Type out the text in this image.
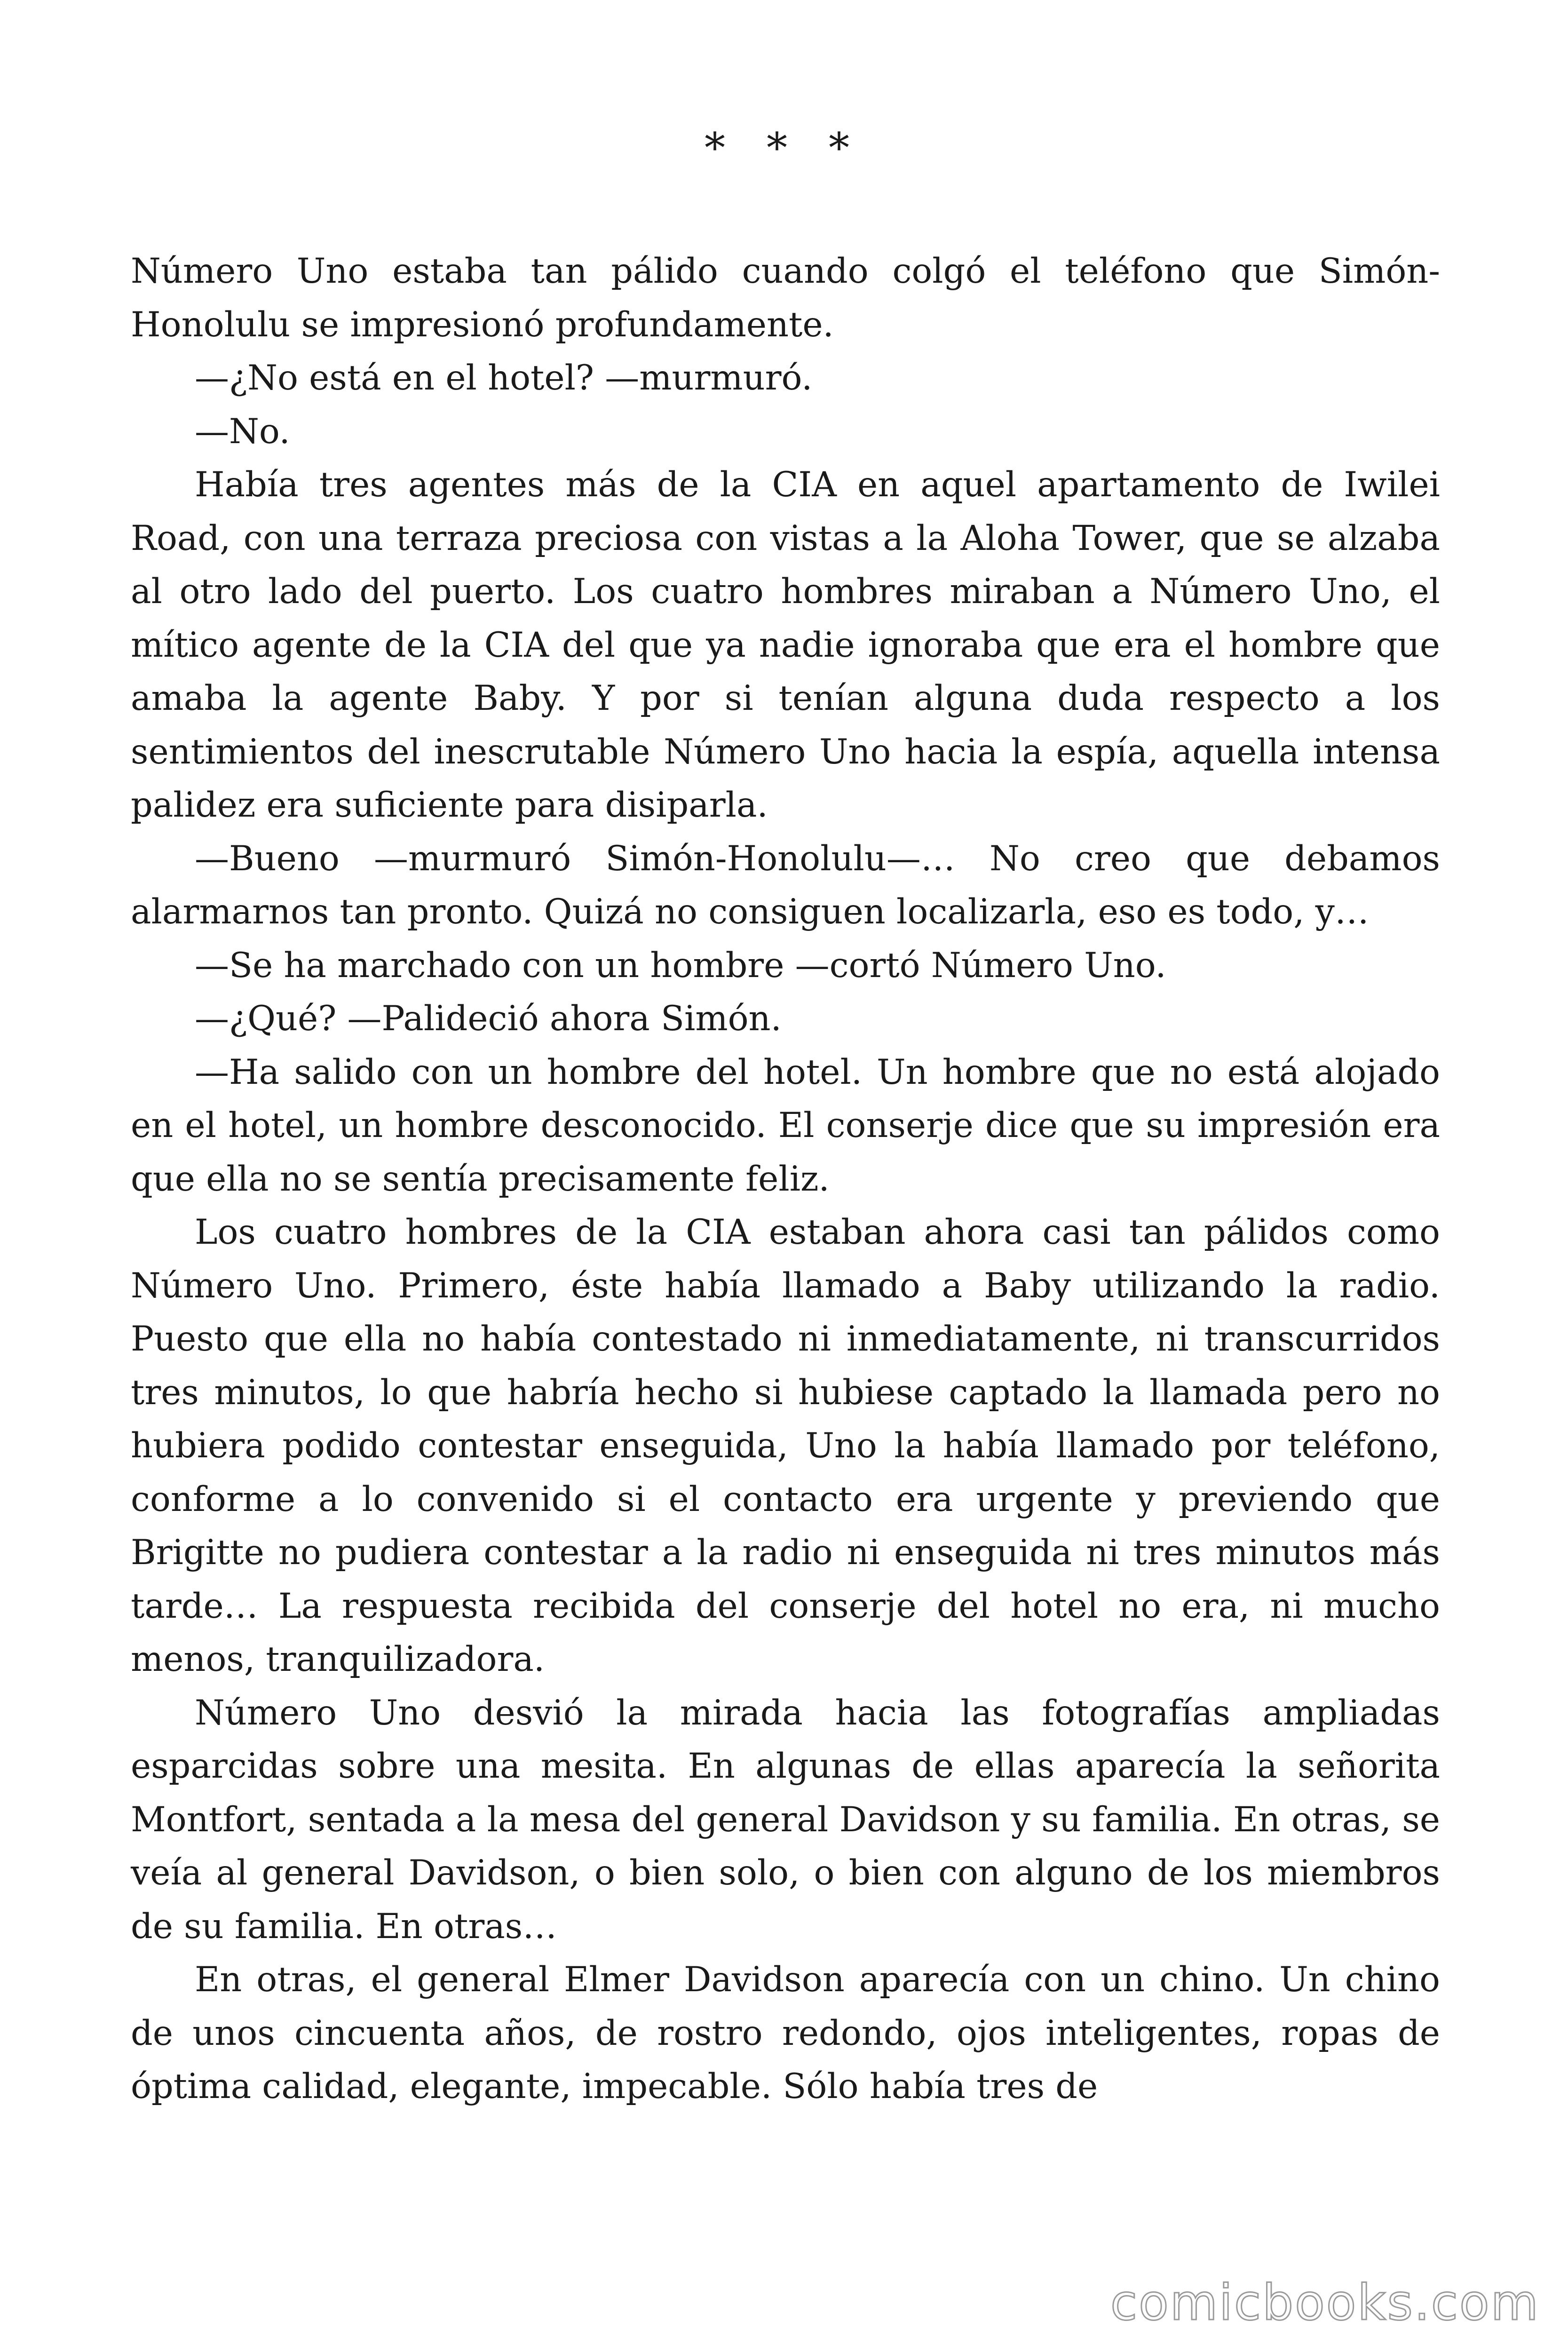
* * *

Número Uno estaba tan pálido cuando colgó el teléfono que Simón-Honolulu se impresionó profundamente.

—¿No está en el hotel? —murmuró.

—No.

Había tres agentes más de la CIA en aquel apartamento de Iwilei Road, con una terraza preciosa con vistas a la Aloha Tower, que se alzaba al otro lado del puerto. Los cuatro hombres miraban a Número Uno, el mítico agente de la CIA del que ya nadie ignoraba que era el hombre que amaba la agente Baby. Y por si tenían alguna duda respecto a los sentimientos del inescrutable Número Uno hacia la espía, aquella intensa palidez era suficiente para disiparla.

—Bueno —murmuró Simón-Honolulu—… No creo que debamos alarmarnos tan pronto. Quizá no consiguen localizarla, eso es todo, y…

—Se ha marchado con un hombre —cortó Número Uno.

—¿Qué? —Palideció ahora Simón.

—Ha salido con un hombre del hotel. Un hombre que no está alojado en el hotel, un hombre desconocido. El conserje dice que su impresión era que ella no se sentía precisamente feliz.

Los cuatro hombres de la CIA estaban ahora casi tan pálidos como Número Uno. Primero, éste había llamado a Baby utilizando la radio. Puesto que ella no había contestado ni inmediatamente, ni transcurridos tres minutos, lo que habría hecho si hubiese captado la llamada pero no hubiera podido contestar enseguida, Uno la había llamado por teléfono, conforme a lo convenido si el contacto era urgente y previendo que Brigitte no pudiera contestar a la radio ni enseguida ni tres minutos más tarde… La respuesta recibida del conserje del hotel no era, ni mucho menos, tranquilizadora.

Número Uno desvió la mirada hacia las fotografías ampliadas esparcidas sobre una mesita. En algunas de ellas aparecía la señorita Montfort, sentada a la mesa del general Davidson y su familia. En otras, se veía al general Davidson, o bien solo, o bien con alguno de los miembros de su familia. En otras…

En otras, el general Elmer Davidson aparecía con un chino. Un chino de unos cincuenta años, de rostro redondo, ojos inteligentes, ropas de óptima calidad, elegante, impecable. Sólo había tres de

comicbooks.com
